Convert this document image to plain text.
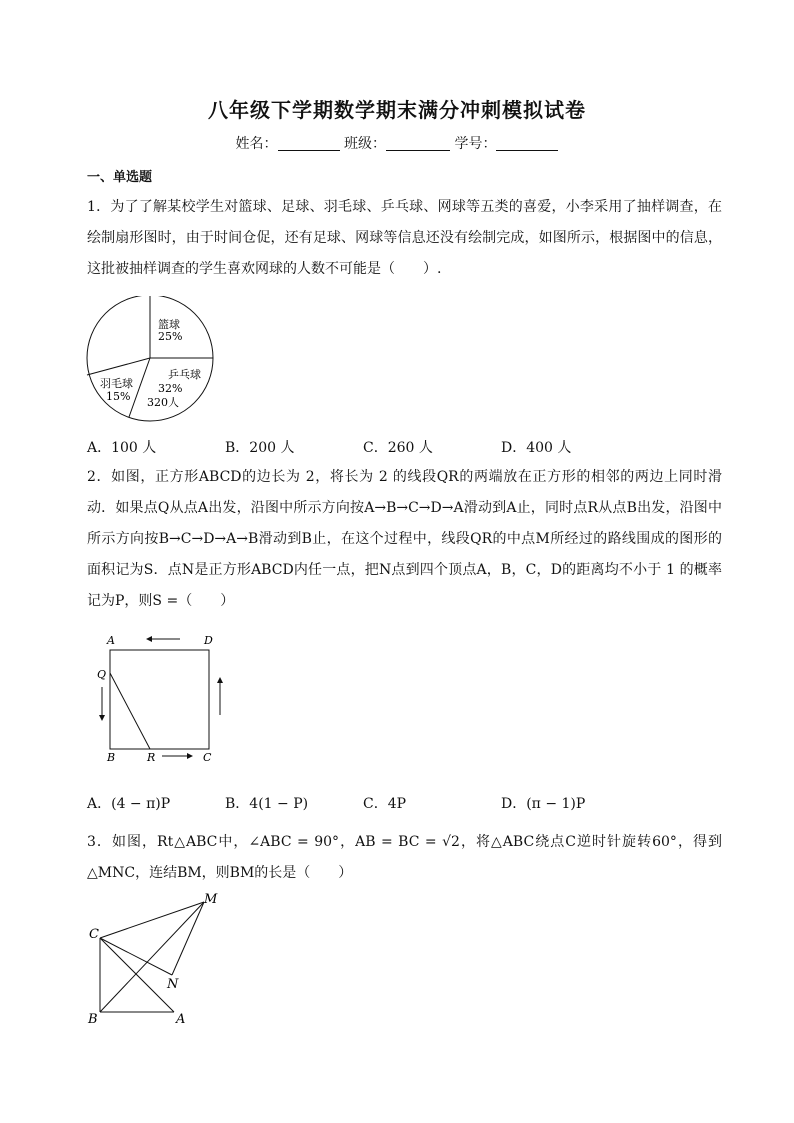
八年级下学期数学期末满分冲刺模拟试卷
姓名：	班级：	学号：
一、单选题
1．为了了解某校学生对篮球、足球、羽毛球、乒乓球、网球等五类的喜爱，小李采用了抽样调查，在绘制扇形图时，由于时间仓促，还有足球、网球等信息还没有绘制完成，如图所示，根据图中的信息，这批被抽样调查的学生喜欢网球的人数不可能是（　　）.
篮球
25%
乒乓球
32%
320人
羽毛球
15%
A．100 人	B．200 人	C．260 人	D．400 人
2．如图，正方形ABCD的边长为 2，将长为 2 的线段QR的两端放在正方形的相邻的两边上同时滑动．如果点Q从点A出发，沿图中所示方向按A→B→C→D→A滑动到A止，同时点R从点B出发，沿图中所示方向按B→C→D→A→B滑动到B止，在这个过程中，线段QR的中点M所经过的路线围成的图形的面积记为S．点N是正方形ABCD内任一点，把N点到四个顶点A，B，C，D的距离均不小于 1 的概率记为P，则S =（　　）
A	D
Q
B	R	C
A．(4 − π)P	B．4(1 − P)	C．4P	D．(π − 1)P
3．如图，Rt△ABC中，∠ABC = 90°，AB = BC = √2，将△ABC绕点C逆时针旋转60°，得到△MNC，连结BM，则BM的长是（　　）
C
B	A
M
N
